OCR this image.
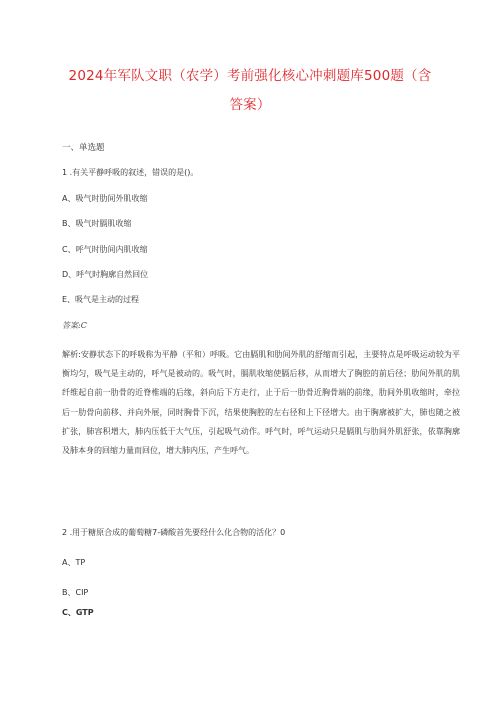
2024年军队文职（农学）考前强化核心冲刺题库500题（含

答案）

一、单选题

1 .有关平静呼吸的叙述，错误的是()。

A、吸气时肋间外肌收缩

B、吸气时膈肌收缩

C、呼气时肋间内肌收缩

D、呼气时胸廓自然回位

E、吸气是主动的过程

答案:C

解析:安静状态下的呼吸称为平静（平和）呼吸。它由膈肌和肋间外肌的舒缩而引起，主要特点是呼吸运动较为平衡均匀，吸气是主动的，呼气是被动的。吸气时，膈肌收缩使膈后移，从而增大了胸腔的前后径；肋间外肌的肌纤维起自前一肋骨的近脊椎端的后缘，斜向后下方走行，止于后一肋骨近胸骨端的前缘，肋间外肌收缩时，牵拉后一肋骨向前移、并向外展，同时胸骨下沉，结果使胸腔的左右径和上下径增大。由于胸廓被扩大，肺也随之被扩张，肺容积增大，肺内压低于大气压，引起吸气动作。呼气时，呼气运动只是膈肌与肋间外肌舒张，依靠胸廓及肺本身的回缩力量而回位，增大肺内压，产生呼气。

2 .用于糖原合成的葡萄糖7-磷酸首先要经什么化合物的活化？0

A、TP

B、CIP

C、GTP
